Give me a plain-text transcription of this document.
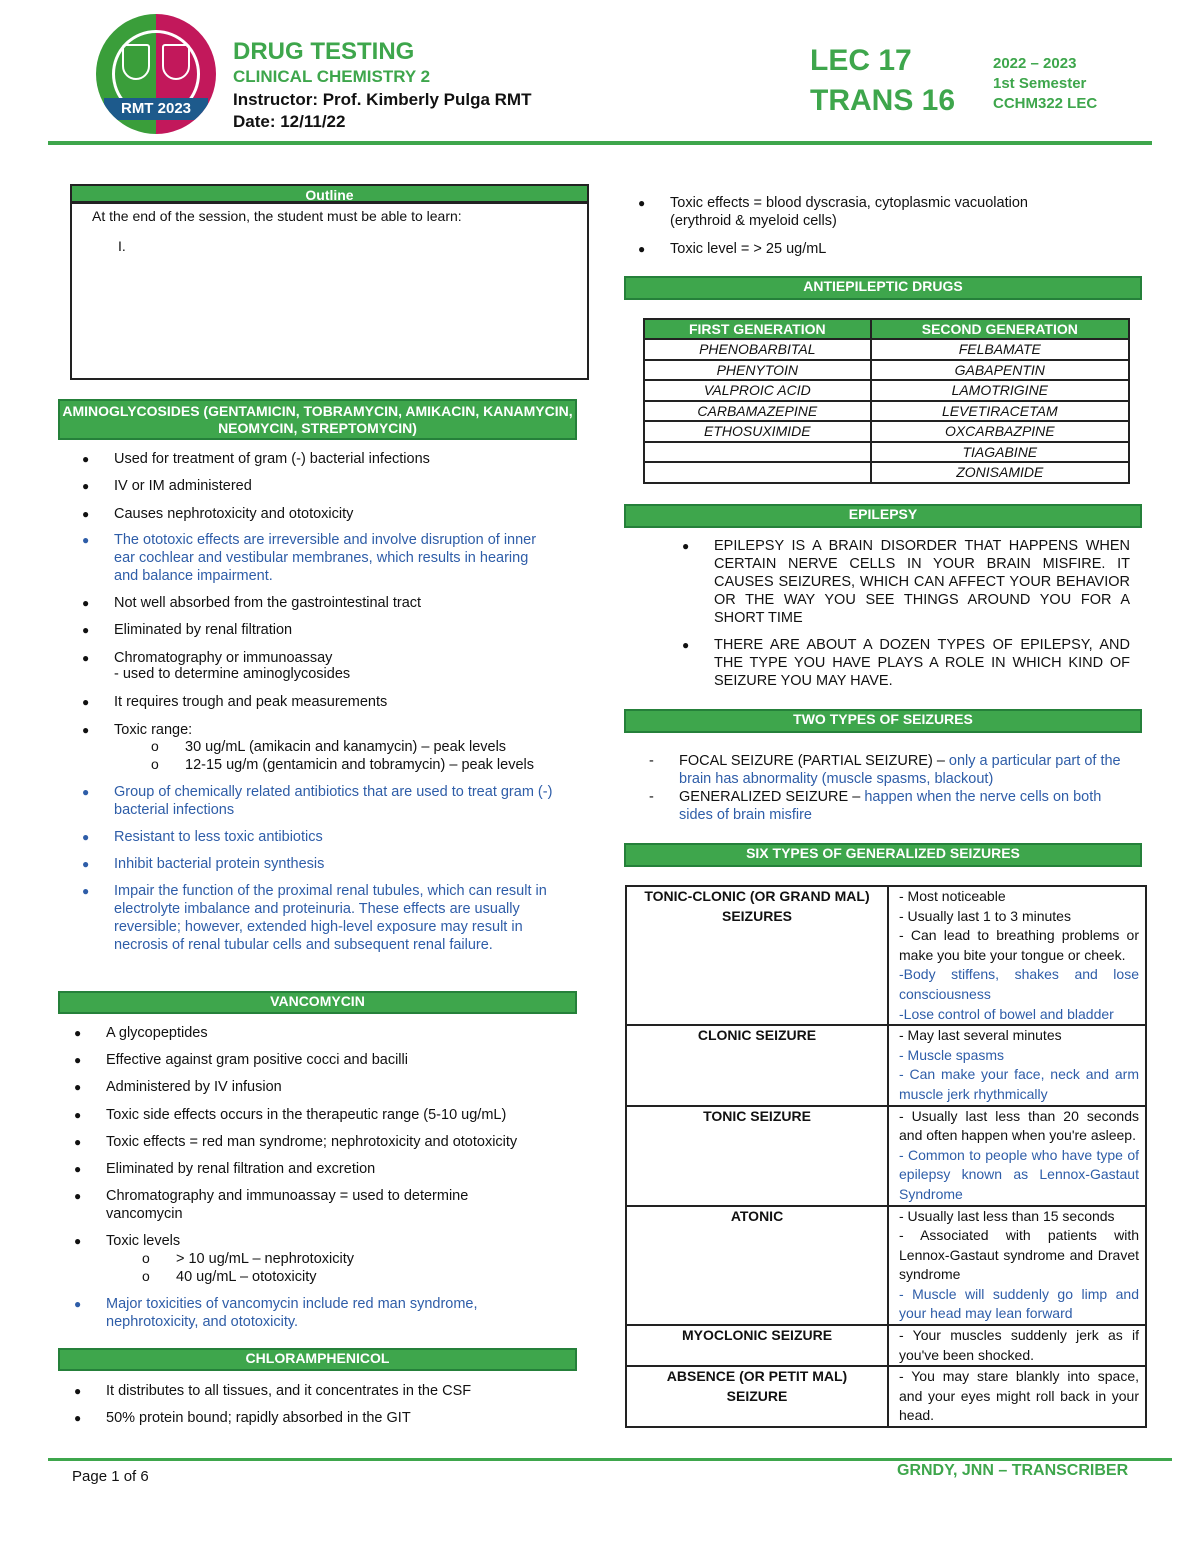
RMT 2023
DRUG TESTING
CLINICAL CHEMISTRY 2
Instructor: Prof. Kimberly Pulga RMT
Date: 12/11/22
LEC 17
TRANS 16
2022 – 2023
1st Semester
CCHM322 LEC
Outline
At the end of the session, the student must be able to learn:
I.
AMINOGLYCOSIDES (GENTAMICIN, TOBRAMYCIN, AMIKACIN, KANAMYCIN, NEOMYCIN, STREPTOMYCIN)
● Used for treatment of gram (-) bacterial infections
● IV or IM administered
● Causes nephrotoxicity and ototoxicity
● The ototoxic effects are irreversible and involve disruption of inner ear cochlear and vestibular membranes, which results in hearing and balance impairment.
● Not well absorbed from the gastrointestinal tract
● Eliminated by renal filtration
● Chromatography or immunoassay
- used to determine aminoglycosides
● It requires trough and peak measurements
● Toxic range:
o 30 ug/mL (amikacin and kanamycin) – peak levels
o 12-15 ug/m (gentamicin and tobramycin) – peak levels
● Group of chemically related antibiotics that are used to treat gram (-) bacterial infections
● Resistant to less toxic antibiotics
● Inhibit bacterial protein synthesis
● Impair the function of the proximal renal tubules, which can result in electrolyte imbalance and proteinuria. These effects are usually reversible; however, extended high-level exposure may result in necrosis of renal tubular cells and subsequent renal failure.
VANCOMYCIN
● A glycopeptides
● Effective against gram positive cocci and bacilli
● Administered by IV infusion
● Toxic side effects occurs in the therapeutic range (5-10 ug/mL)
● Toxic effects = red man syndrome; nephrotoxicity and ototoxicity
● Eliminated by renal filtration and excretion
● Chromatography and immunoassay = used to determine vancomycin
● Toxic levels
o > 10 ug/mL – nephrotoxicity
o 40 ug/mL – ototoxicity
● Major toxicities of vancomycin include red man syndrome, nephrotoxicity, and ototoxicity.
CHLORAMPHENICOL
● It distributes to all tissues, and it concentrates in the CSF
● 50% protein bound; rapidly absorbed in the GIT
● Toxic effects = blood dyscrasia, cytoplasmic vacuolation (erythroid & myeloid cells)
● Toxic level = > 25 ug/mL
ANTIEPILEPTIC DRUGS
FIRST GENERATION	SECOND GENERATION
PHENOBARBITAL	FELBAMATE
PHENYTOIN	GABAPENTIN
VALPROIC ACID	LAMOTRIGINE
CARBAMAZEPINE	LEVETIRACETAM
ETHOSUXIMIDE	OXCARBAZPINE
	TIAGABINE
	ZONISAMIDE
EPILEPSY
● EPILEPSY IS A BRAIN DISORDER THAT HAPPENS WHEN CERTAIN NERVE CELLS IN YOUR BRAIN MISFIRE. IT CAUSES SEIZURES, WHICH CAN AFFECT YOUR BEHAVIOR OR THE WAY YOU SEE THINGS AROUND YOU FOR A SHORT TIME
● THERE ARE ABOUT A DOZEN TYPES OF EPILEPSY, AND THE TYPE YOU HAVE PLAYS A ROLE IN WHICH KIND OF SEIZURE YOU MAY HAVE.
TWO TYPES OF SEIZURES
- FOCAL SEIZURE (PARTIAL SEIZURE) – only a particular part of the brain has abnormality (muscle spasms, blackout)
- GENERALIZED SEIZURE – happen when the nerve cells on both sides of brain misfire
SIX TYPES OF GENERALIZED SEIZURES
TONIC-CLONIC (OR GRAND MAL) SEIZURES	- Most noticeable
- Usually last 1 to 3 minutes
- Can lead to breathing problems or make you bite your tongue or cheek.
-Body stiffens, shakes and lose consciousness
-Lose control of bowel and bladder

CLONIC SEIZURE	- May last several minutes
- Muscle spasms
- Can make your face, neck and arm muscle jerk rhythmically

TONIC SEIZURE	- Usually last less than 20 seconds and often happen when you're asleep.
- Common to people who have type of epilepsy known as Lennox-Gastaut Syndrome

ATONIC	- Usually last less than 15 seconds
- Associated with patients with Lennox-Gastaut syndrome and Dravet syndrome
- Muscle will suddenly go limp and your head may lean forward

MYOCLONIC SEIZURE	- Your muscles suddenly jerk as if you've been shocked.

ABSENCE (OR PETIT MAL) SEIZURE	- You may stare blankly into space, and your eyes might roll back in your head.
Page 1 of 6	GRNDY, JNN – TRANSCRIBER
